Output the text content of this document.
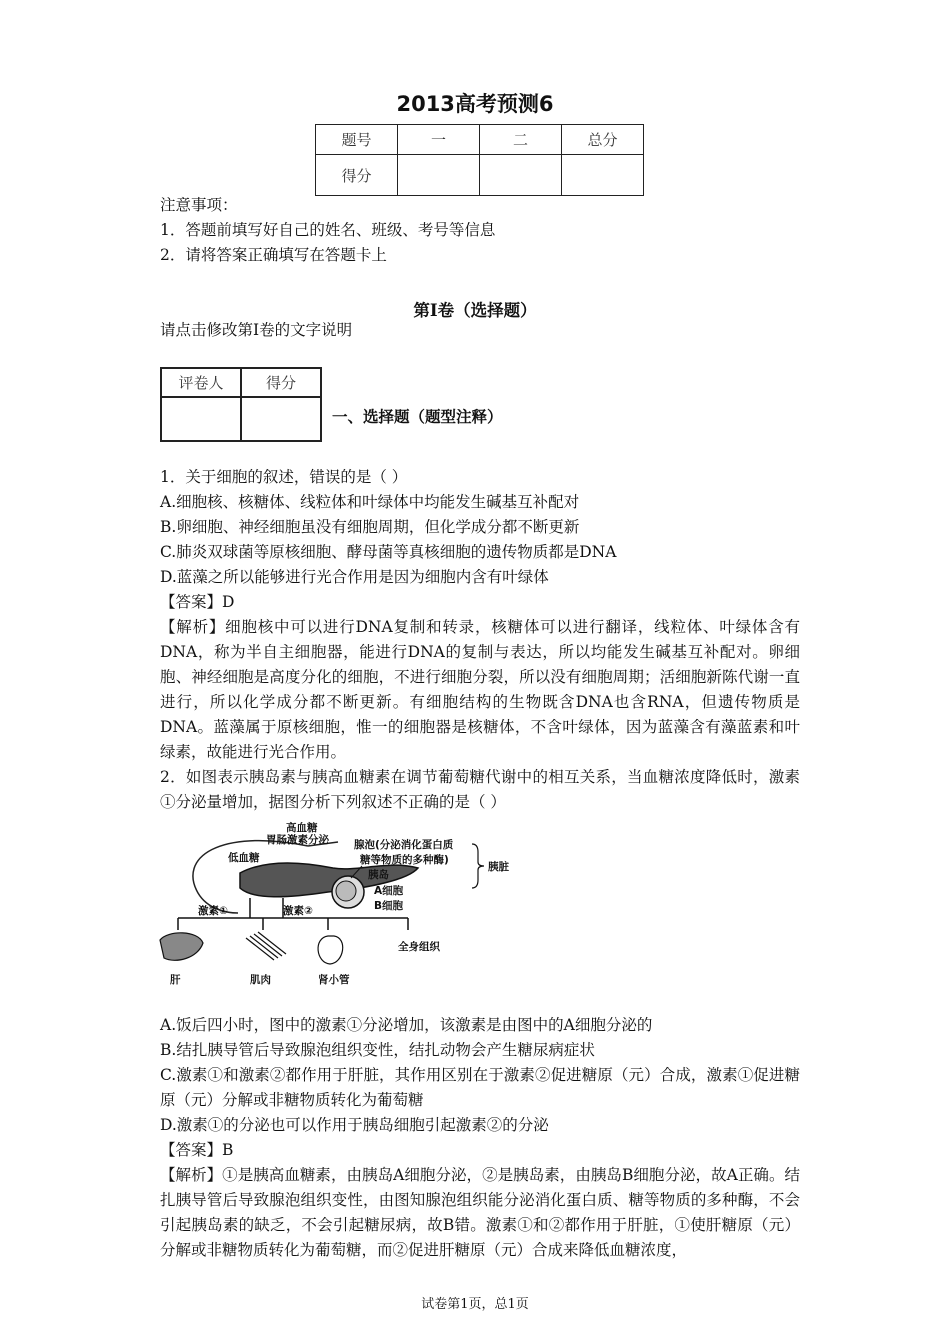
2013高考预测6
题号	一	二	总分
得分			
注意事项：
1．答题前填写好自己的姓名、班级、考号等信息
2．请将答案正确填写在答题卡上
第I卷（选择题）
请点击修改第I卷的文字说明
评卷人	得分

一、选择题（题型注释）
1．关于细胞的叙述，错误的是（ ）
A.细胞核、核糖体、线粒体和叶绿体中均能发生碱基互补配对
B.卵细胞、神经细胞虽没有细胞周期，但化学成分都不断更新
C.肺炎双球菌等原核细胞、酵母菌等真核细胞的遗传物质都是DNA
D.蓝藻之所以能够进行光合作用是因为细胞内含有叶绿体
【答案】D
【解析】细胞核中可以进行DNA复制和转录，核糖体可以进行翻译，线粒体、叶绿体含有DNA，称为半自主细胞器，能进行DNA的复制与表达，所以均能发生碱基互补配对。卵细胞、神经细胞是高度分化的细胞，不进行细胞分裂，所以没有细胞周期；活细胞新陈代谢一直进行，所以化学成分都不断更新。有细胞结构的生物既含DNA也含RNA，但遗传物质是DNA。蓝藻属于原核细胞，惟一的细胞器是核糖体，不含叶绿体，因为蓝藻含有藻蓝素和叶绿素，故能进行光合作用。
2．如图表示胰岛素与胰高血糖素在调节葡萄糖代谢中的相互关系，当血糖浓度降低时，激素①分泌量增加，据图分析下列叙述不正确的是（ ）
高血糖
胃肠激素分泌
低血糖
腺泡(分泌消化蛋白质
糖等物质的多种酶)
胰脏
胰岛
A细胞
B细胞
激素①	激素②
肝	肌肉	肾小管
全身组织
A.饭后四小时，图中的激素①分泌增加，该激素是由图中的A细胞分泌的
B.结扎胰导管后导致腺泡组织变性，结扎动物会产生糖尿病症状
C.激素①和激素②都作用于肝脏，其作用区别在于激素②促进糖原（元）合成，激素①促进糖原（元）分解或非糖物质转化为葡萄糖
D.激素①的分泌也可以作用于胰岛细胞引起激素②的分泌
【答案】B
【解析】①是胰高血糖素，由胰岛A细胞分泌，②是胰岛素，由胰岛B细胞分泌，故A正确。结扎胰导管后导致腺泡组织变性，由图知腺泡组织能分泌消化蛋白质、糖等物质的多种酶，不会引起胰岛素的缺乏，不会引起糖尿病，故B错。激素①和②都作用于肝脏，①使肝糖原（元）分解或非糖物质转化为葡萄糖，而②促进肝糖原（元）合成来降低血糖浓度，
试卷第1页，总1页
